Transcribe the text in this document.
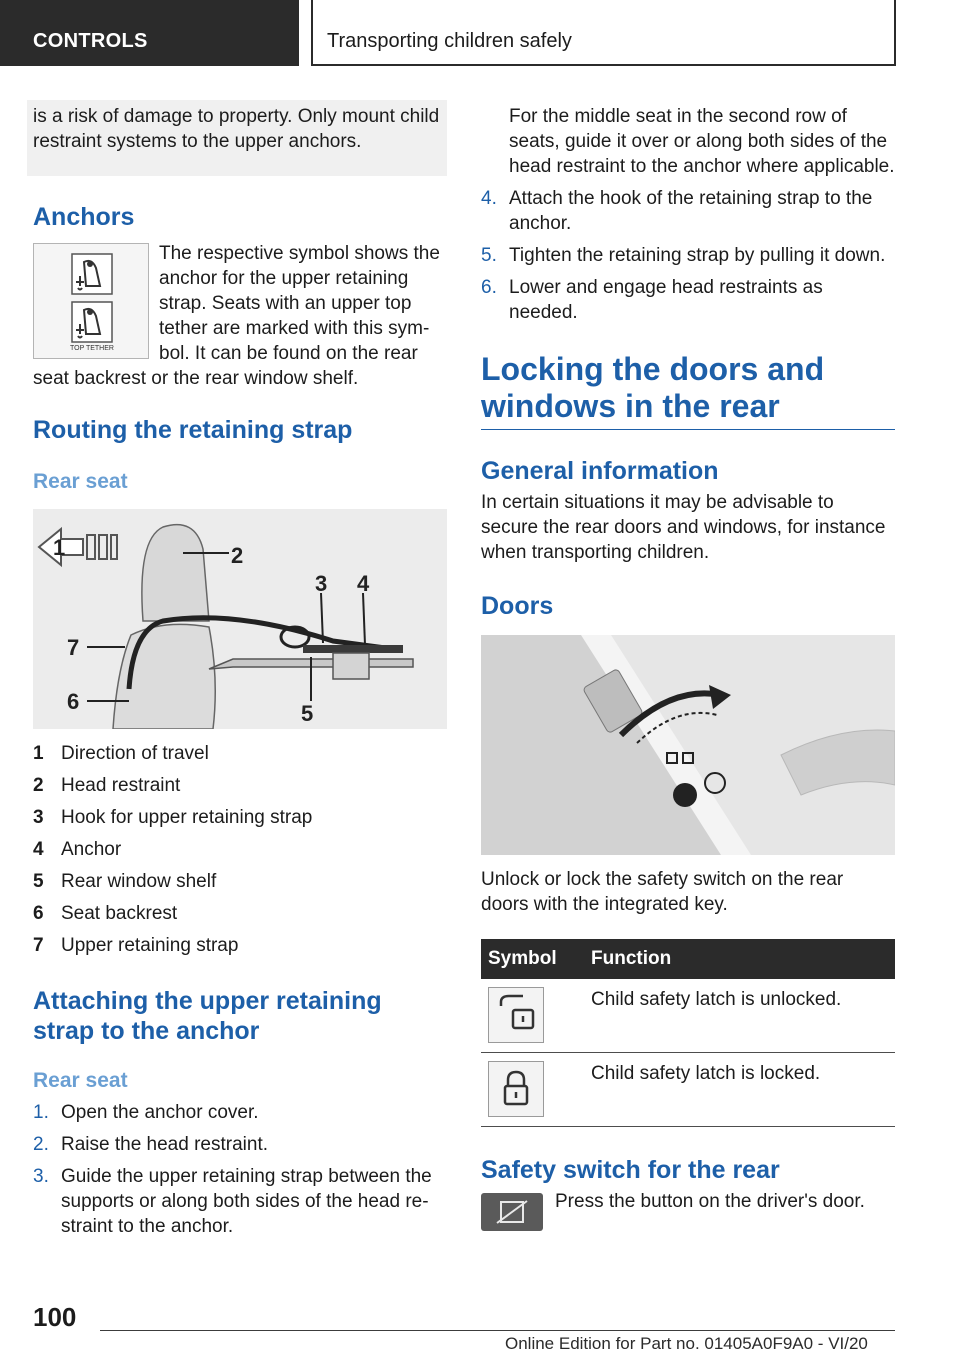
CONTROLS	Transporting children safely

is a risk of damage to property. Only mount child restraint systems to the upper anchors.

Anchors
TOP TETHER

The respective symbol shows the anchor for the upper retaining strap. Seats with an upper top tether are marked with this sym- bol. It can be found on the rear seat backrest or the rear window shelf.

Routing the retaining strap
Rear seat
1	2
3 4
5
6
7
1 Direction of travel
2 Head restraint
3 Hook for upper retaining strap
4 Anchor
5 Rear window shelf
6 Seat backrest
7 Upper retaining strap
Attaching the upper retaining strap to the anchor
Rear seat
1. Open the anchor cover.
2. Raise the head restraint.
3. Guide the upper retaining strap between the supports or along both sides of the head re- straint to the anchor.

For the middle seat in the second row of seats, guide it over or along both sides of the head restraint to the anchor where applicable.

4. Attach the hook of the retaining strap to the anchor.
5. Tighten the retaining strap by pulling it down.
6. Lower and engage head restraints as needed.
Locking the doors and windows in the rear
General information

In certain situations it may be advisable to secure the rear doors and windows, for instance when transporting children.

Doors

Unlock or lock the safety switch on the rear doors with the integrated key.

Symbol	Function

	Child safety latch is unlocked.

	Child safety latch is locked.
Safety switch for the rear

Press the button on the driver's door.

100
Online Edition for Part no. 01405A0F9A0 - VI/20
